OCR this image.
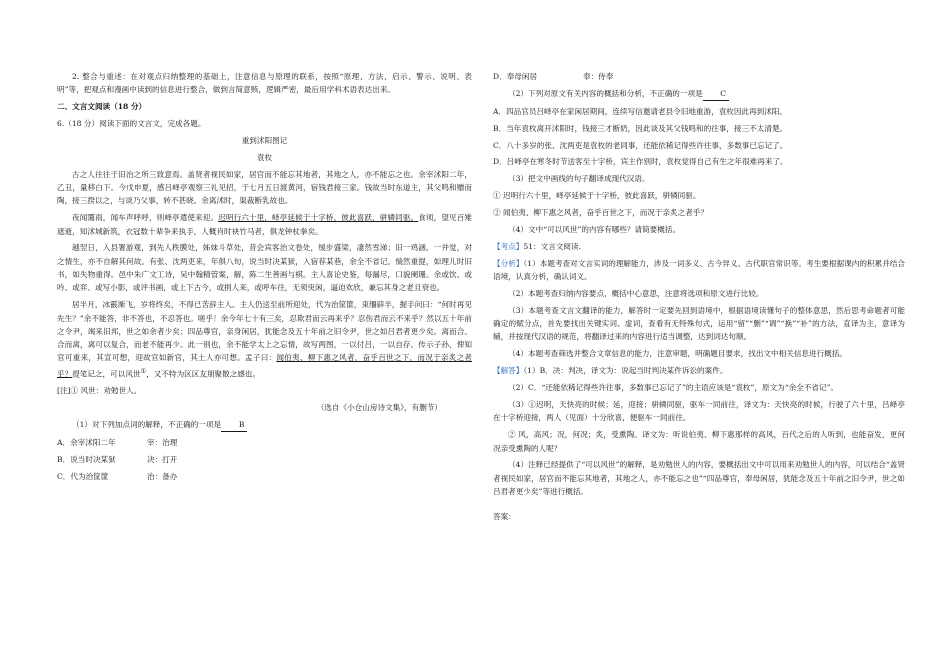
2. 整合与重述：在对观点归纳整理的基础上，注意信息与原理的联系，按照“原理、方法、启示、警示、说明、表明”等，把观点和漫画中读到的信息进行整合，做到言简意赅，逻辑严密，最后用学科术语表达出来。

二、文言文阅读（18 分）

6.（18 分）阅读下面的文言文，完成各题。

重到沭阳图记

袁枚

古之人往往于旧治之所三致意焉。盖贤者视民如家，居官而不能忘其地者，其地之人，亦不能忘之也。余宰沭阳二年，乙丑，量移白下。今戊申夏，感吕峄亭观察三礼见招，于七月五日渡黄河，宿钱君接三家。钱故当时东道主，其父鸣和赠而陶，接三揆以之，与谈乃父事，转不甚晓。余离沭时，渠裁断乳故也。

夜闻霭雨，闻车声呼呼，则峄亭遣使来迎。迟明行六十里，峄亭延候于十字桥，彼此喜跃，骈辚同驱。食顷，望见百雉遮逝，知沭城新筑，衣冠数十辈争来执手，人概肖时袂竹马者，俱龙钟杖拳矣。

越翌日，入县署游观，到先人秩膜处，姊妹斗草处，昔会宾客治文卷处，缓步盛梁，凄然雪涕；旧一鸡涵、一井觉，对之情生，亦不自解其何故。有张、沈两吏来，年俱八旬，说当时决某狱，入宿荐某巷，余全不省记。惝然重提，如理儿时旧书，如失物重得。邑中朱广文工诗，吴中翰精管案，解，陈二生善画与棋。主人喜论史鉴，每漏尽，口貌阑珊。余或饮、或吟、或弈、或写小影，或评书画，或上下古今，或捐人来，或呼车往，无须臾闲，逼迫欢欣，兼忘其身之老且衰也。

居半月，冰霰渐飞，岁将终矣，不得已苦辞主人。主人仍送至前所迎处，代为治筐篚，束缰辟半，握手问曰：“何时再见先生？”余不能答，非不答也，不忍答也。嗟乎！余今年七十有三矣，忍欺君而云再来乎？忍伤君而云不来乎？然以五十年前之令尹，竭来旧邦，世之如余者少矣；四品尊官，亲身闲居，犹能念及五十年前之旧令尹，世之如吕君者更少矣。离而合、合而离，离可以复合，而老不能再少。此一别也，余不能学太上之忘情，故写两图，一以付吕，一以自存。传示子孙，俾知官可重来，其宣可想，迎故官如新官，其土人亦可想。孟子曰：闻伯夷、柳下惠之风者，奋乎百世之下，而况于亲炙之者乎？提笔记之，可以风世①，又不特为区区友朋聚散之感也。

[注]① 风世：劝勉世人。

（选自《小仓山房诗文集》，有删节）

（1）对下列加点词的解释，不正确的一项是 B

A．余宰沭阳二年	宰：治理
B．说当时决某狱	决：打开
C．代为治筐篚	治：备办
D．奉母闲居	奉：侍奉

（2）下列对原文有关内容的概括和分析，不正确的一项是 C

A．四品官员吕峄亭在家闲居期间，连续写信邀请老县令旧地重游，袁枚因此再到沭阳。

B．当年袁枚离开沭阳时，钱接三才断奶，因此谈及其父钱鸣和的往事，接三不太清楚。

C．八十多岁的张、沈两吏是袁枚的老同事，还能依稀记得些许往事，多数事已忘记了。

D．吕峄亭在寒冬时节送客至十字桥，宾主作别时，袁枚觉得自己有生之年很难再来了。

（3）把文中画线的句子翻译成现代汉语。

① 迟明行六十里，峄亭延候于十字桥，彼此喜跃，骈辚同驱。

② 闻伯夷、柳下惠之风者，奋乎百世之下，而况于亲炙之者乎？

（4）文中“可以风世”的内容有哪些？请简要概括。

【考点】51：文言文阅读.

【分析】（1）本题考查对文言实词的理解能力，涉及一词多义、古今异义、古代职官常识等。考生要根据课内的积累并结合语境，认真分析，确认词义。

（2）本题考查归纳内容要点，概括中心意思，注意将选项和原文进行比较。

（3）本题考查文言文翻译的能力，解答时一定要先回到语境中，根据语境读懂句子的整体意思，然后思考命题者可能确定的赋分点，首先要找出关键实词、虚词，查看有无特殊句式，运用“留”“删”“调”“换”“补”的方法，直译为主，意译为辅，并按现代汉语的规范，将翻译过来的内容进行适当调整，达到词达句顺。

（4）本题考查筛选并整合文章信息的能力，注意审题，明确题目要求，找出文中相关信息进行概括。

【解答】（1）B．决：判决，译文为：说起当时判决某件诉讼的案件。

（2）C．“还能依稀记得些许往事，多数事已忘记了”的主语应该是“袁枚”，原文为“余全不省记”。

（3）①迟明，天快亮的时候；延，迎接；骈辚同驱，驱车一同前往，译文为：天快亮的时候，行驶了六十里，吕峄亭在十字桥迎接，两人（见面）十分欣喜，便驱车一同前往。

② 风，高风；况，何况；炙，受熏陶。译文为：听说伯夷、柳下惠那样的高风，百代之后的人听到，也能奋发，更何况亲受熏陶的人呢？

（4）注释已经提供了“可以风世”的解释，是劝勉世人的内容，要概括出文中可以用来劝勉世人的内容，可以结合“盖贤者视民如家，居官而不能忘其地者，其地之人，亦不能忘之也”“四品尊官，奉母闲居，犹能念及五十年前之旧令尹，世之如吕君者更少矣”等进行概括。

答案：
